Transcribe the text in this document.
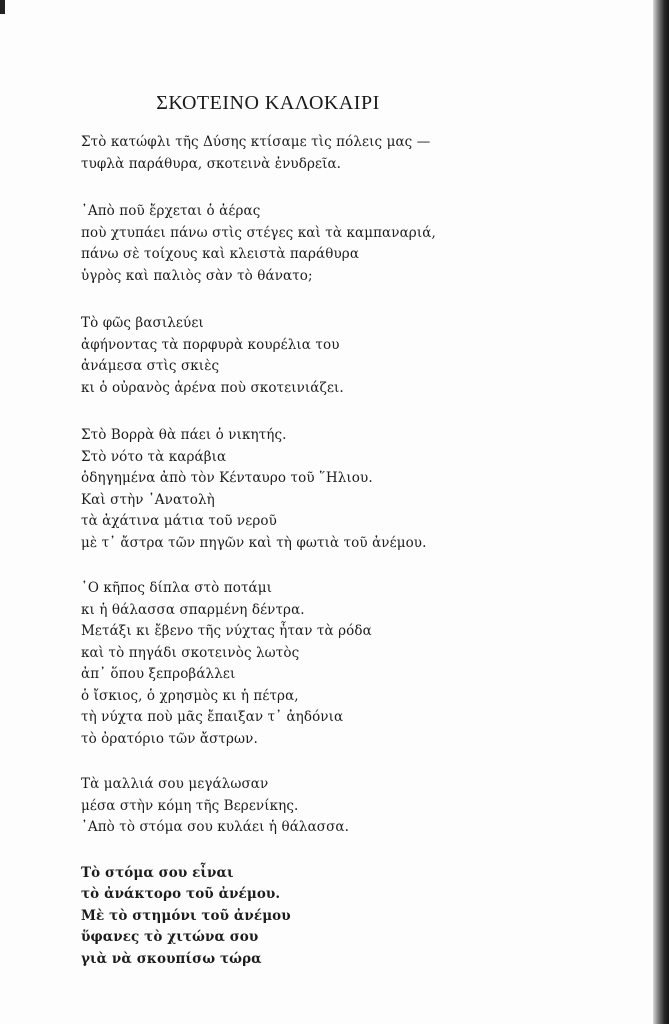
ΣΚΟΤΕΙΝΟ ΚΑΛΟΚΑΙΡΙ
Στὸ κατώφλι τῆς Δύσης κτίσαμε τὶς πόλεις μας —
τυφλὰ παράθυρα, σκοτεινὰ ἐνυδρεῖα.
᾿Απὸ ποῦ ἔρχεται ὁ ἀέρας
ποὺ χτυπάει πάνω στὶς στέγες καὶ τὰ καμπαναριά,
πάνω σὲ τοίχους καὶ κλειστὰ παράθυρα
ὑγρὸς καὶ παλιὸς σὰν τὸ θάνατο;
Τὸ φῶς βασιλεύει
ἀφήνοντας τὰ πορφυρὰ κουρέλια του
ἀνάμεσα στὶς σκιὲς
κι ὁ οὐρανὸς ἀρένα ποὺ σκοτεινιάζει.
Στὸ Βορρὰ θὰ πάει ὁ νικητής.
Στὸ νότο τὰ καράβια
ὁδηγημένα ἀπὸ τὸν Κένταυρο τοῦ ῞Ηλιου.
Καὶ στὴν ᾿Ανατολὴ
τὰ ἀχάτινα μάτια τοῦ νεροῦ
μὲ τ᾿ ἄστρα τῶν πηγῶν καὶ τὴ φωτιὰ τοῦ ἀνέμου.
῾Ο κῆπος δίπλα στὸ ποτάμι
κι ἡ θάλασσα σπαρμένη δέντρα.
Μετάξι κι ἔβενο τῆς νύχτας ἦταν τὰ ρόδα
καὶ τὸ πηγάδι σκοτεινὸς λωτὸς
ἀπ᾿ ὅπου ξεπροβάλλει
ὁ ἴσκιος, ὁ χρησμὸς κι ἡ πέτρα,
τὴ νύχτα ποὺ μᾶς ἔπαιξαν τ᾿ ἀηδόνια
τὸ ὀρατόριο τῶν ἄστρων.
Τὰ μαλλιά σου μεγάλωσαν
μέσα στὴν κόμη τῆς Βερενίκης.
᾿Απὸ τὸ στόμα σου κυλάει ἡ θάλασσα.
Τὸ στόμα σου εἶναι
τὸ ἀνάκτορο τοῦ ἀνέμου.
Μὲ τὸ στημόνι τοῦ ἀνέμου
ὕφανες τὸ χιτώνα σου
γιὰ νὰ σκουπίσω τώρα
